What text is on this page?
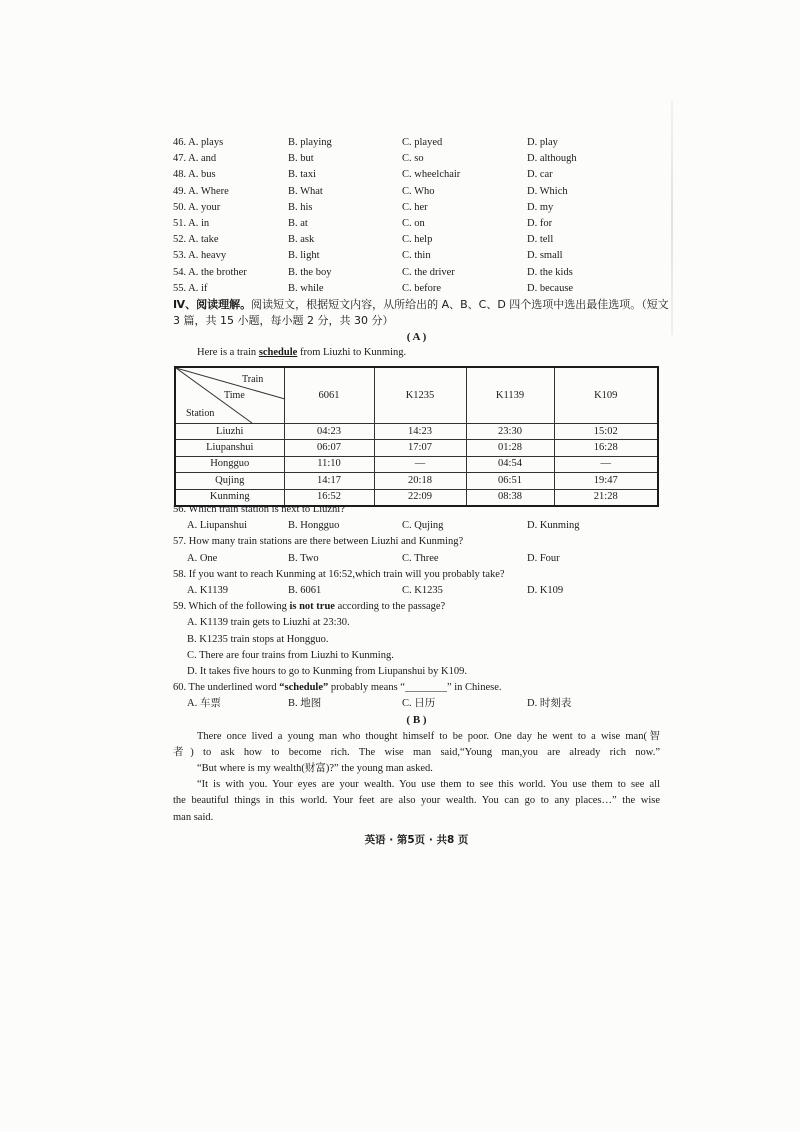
46. A. plays	B. playing	C. played	D. play
47. A. and	B. but	C. so	D. although
48. A. bus	B. taxi	C. wheelchair	D. car
49. A. Where	B. What	C. Who	D. Which
50. A. your	B. his	C. her	D. my
51. A. in	B. at	C. on	D. for
52. A. take	B. ask	C. help	D. tell
53. A. heavy	B. light	C. thin	D. small
54. A. the brother	B. the boy	C. the driver	D. the kids
55. A. if	B. while	C. before	D. because
Ⅳ、阅读理解。阅读短文，根据短文内容，从所给出的 A、B、C、D 四个选项中选出最佳选项。（短文
3 篇，共 15 小题，每小题 2 分，共 30 分）
( A )
Here is a train schedule from Liuzhi to Kunming.
Train
Time
Station	6061	K1235	K1139	K109
Liuzhi	04:23	14:23	23:30	15:02
Liupanshui	06:07	17:07	01:28	16:28
Hongguo	11:10	—	04:54	—
Qujing	14:17	20:18	06:51	19:47
Kunming	16:52	22:09	08:38	21:28
56. Which train station is next to Liuzhi?
A. Liupanshui	B. Hongguo	C. Qujing	D. Kunming
57. How many train stations are there between Liuzhi and Kunming?
A. One	B. Two	C. Three	D. Four
58. If you want to reach Kunming at 16:52,which train will you probably take?
A. K1139	B. 6061	C. K1235	D. K109
59. Which of the following is not true according to the passage?
A. K1139 train gets to Liuzhi at 23:30.
B. K1235 train stops at Hongguo.
C. There are four trains from Liuzhi to Kunming.
D. It takes five hours to go to Kunming from Liupanshui by K109.
60. The underlined word “schedule” probably means “________” in Chinese.
A. 车票	B. 地图	C. 日历	D. 时刻表
( B )
There once lived a young man who thought himself to be poor. One day he went to a wise man(智
者) to ask how to become rich. The wise man said,“Young man,you are already rich now.”
“But where is my wealth(财富)?” the young man asked.
“It is with you. Your eyes are your wealth. You use them to see this world. You use them to see all
the beautiful things in this world. Your feet are also your wealth. You can go to any places…” the wise
man said.
英语 · 第5页 · 共8 页
